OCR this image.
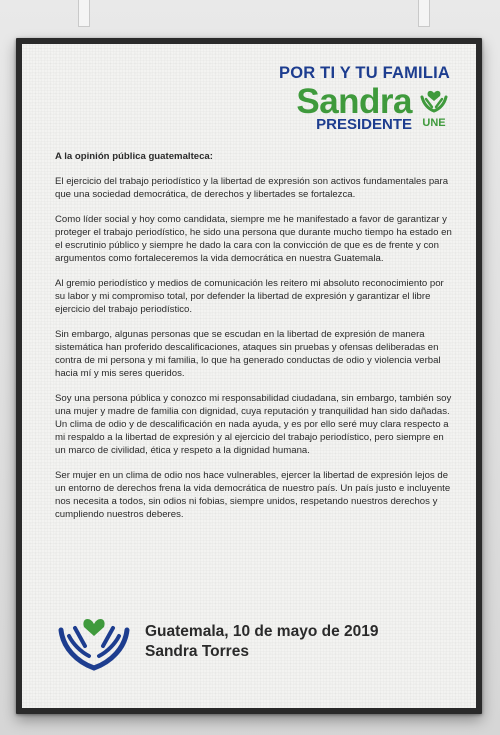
POR TI Y TU FAMILIA
Sandra
PRESIDENTE UNE

A la opinión pública guatemalteca:

El ejercicio del trabajo periodístico y la libertad de expresión son activos fundamentales para que una sociedad democrática, de derechos y libertades se fortalezca.

Como líder social y hoy como candidata, siempre me he manifestado a favor de garantizar y proteger el trabajo periodístico, he sido una persona que durante mucho tiempo ha estado en el escrutinio público y siempre he dado la cara con la convicción de que es de frente y con argumentos como fortaleceremos la vida democrática en nuestra Guatemala.

Al gremio periodístico y medios de comunicación les reitero mi absoluto reconocimiento por su labor y mi compromiso total, por defender la libertad de expresión y garantizar el libre ejercicio del trabajo periodístico.

Sin embargo, algunas personas que se escudan en la libertad de expresión de manera sistemática han proferido descalificaciones, ataques sin pruebas y ofensas deliberadas en contra de mi persona y mi familia, lo que ha generado conductas de odio y violencia verbal hacia mí y mis seres queridos.

Soy una persona pública y conozco mi responsabilidad ciudadana, sin embargo, también soy una mujer y madre de familia con dignidad, cuya reputación y tranquilidad han sido dañadas. Un clima de odio y de descalificación en nada ayuda, y es por ello seré muy clara respecto a mi respaldo a la libertad de expresión y al ejercicio del trabajo periodístico, pero siempre en un marco de civilidad, ética y respeto a la dignidad humana.

Ser mujer en un clima de odio nos hace vulnerables, ejercer la libertad de expresión lejos de un entorno de derechos frena la vida democrática de nuestro país. Un país justo e incluyente nos necesita a todos, sin odios ni fobias, siempre unidos, respetando nuestros derechos y cumpliendo nuestros deberes.

Guatemala, 10 de mayo de 2019
Sandra Torres
